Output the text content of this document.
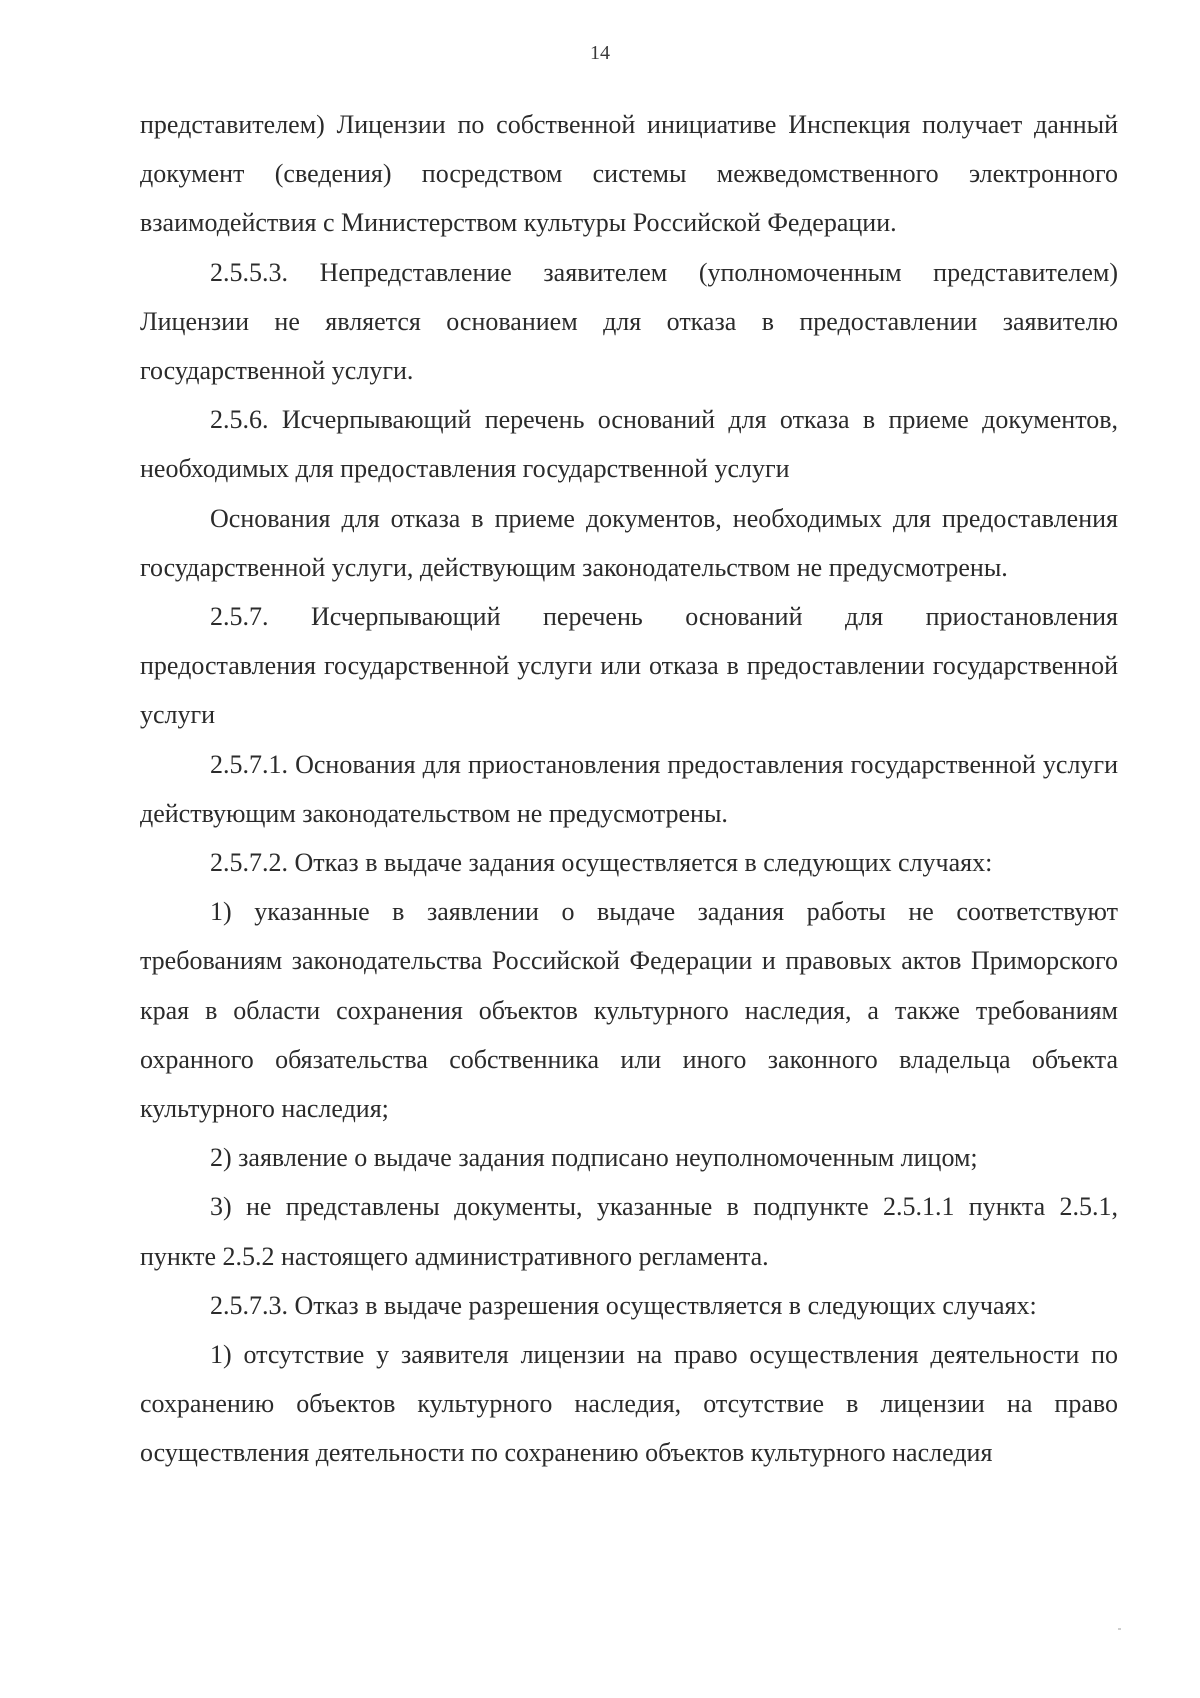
14

представителем) Лицензии по собственной инициативе Инспекция получает данный документ (сведения) посредством системы межведомственного электронного взаимодействия с Министерством культуры Российской Федерации.

2.5.5.3. Непредставление заявителем (уполномоченным представителем) Лицензии не является основанием для отказа в предоставлении заявителю государственной услуги.

2.5.6. Исчерпывающий перечень оснований для отказа в приеме документов, необходимых для предоставления государственной услуги

Основания для отказа в приеме документов, необходимых для предоставления государственной услуги, действующим законодательством не предусмотрены.

2.5.7. Исчерпывающий перечень оснований для приостановления предоставления государственной услуги или отказа в предоставлении государственной услуги

2.5.7.1. Основания для приостановления предоставления государственной услуги действующим законодательством не предусмотрены.

2.5.7.2. Отказ в выдаче задания осуществляется в следующих случаях:

1) указанные в заявлении о выдаче задания работы не соответствуют требованиям законодательства Российской Федерации и правовых актов Приморского края в области сохранения объектов культурного наследия, а также требованиям охранного обязательства собственника или иного законного владельца объекта культурного наследия;

2) заявление о выдаче задания подписано неуполномоченным лицом;

3) не представлены документы, указанные в подпункте 2.5.1.1 пункта 2.5.1, пункте 2.5.2 настоящего административного регламента.

2.5.7.3. Отказ в выдаче разрешения осуществляется в следующих случаях:

1) отсутствие у заявителя лицензии на право осуществления деятельности по сохранению объектов культурного наследия, отсутствие в лицензии на право осуществления деятельности по сохранению объектов культурного наследия
